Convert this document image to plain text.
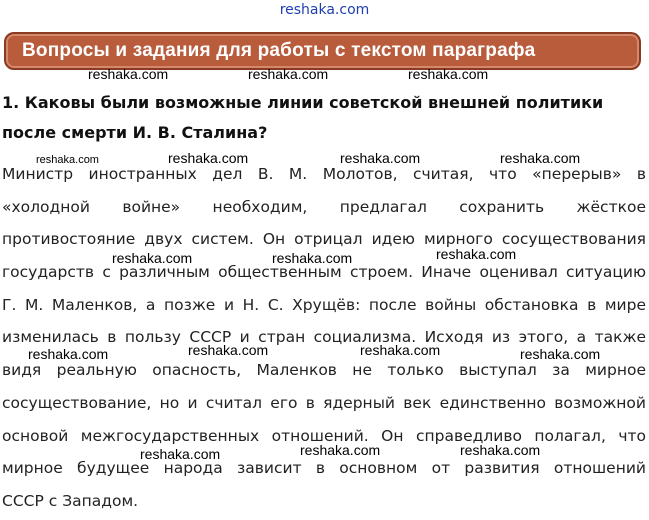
reshaka.com
Вопросы и задания для работы с текстом параграфа
1. Каковы были возможные линии советской внешней политики
после смерти И. В. Сталина?
Министр иностранных дел В. М. Молотов, считая, что «перерыв» в
«холодной войне» необходим, предлагал сохранить жёсткое
противостояние двух систем. Он отрицал идею мирного сосуществования
государств с различным общественным строем. Иначе оценивал ситуацию
Г. М. Маленков, а позже и Н. С. Хрущёв: после войны обстановка в мире
изменилась в пользу СССР и стран социализма. Исходя из этого, а также
видя реальную опасность, Маленков не только выступал за мирное
сосуществование, но и считал его в ядерный век единственно возможной
основой межгосударственных отношений. Он справедливо полагал, что
мирное будущее народа зависит в основном от развития отношений
СССР с Западом.
reshaka.com	reshaka.com	reshaka.com
reshaka.com	reshaka.com	reshaka.com	reshaka.com
reshaka.com
reshaka.com	reshaka.com
reshaka.com	reshaka.com
reshaka.com	reshaka.com
reshaka.com	reshaka.com
reshaka.com
